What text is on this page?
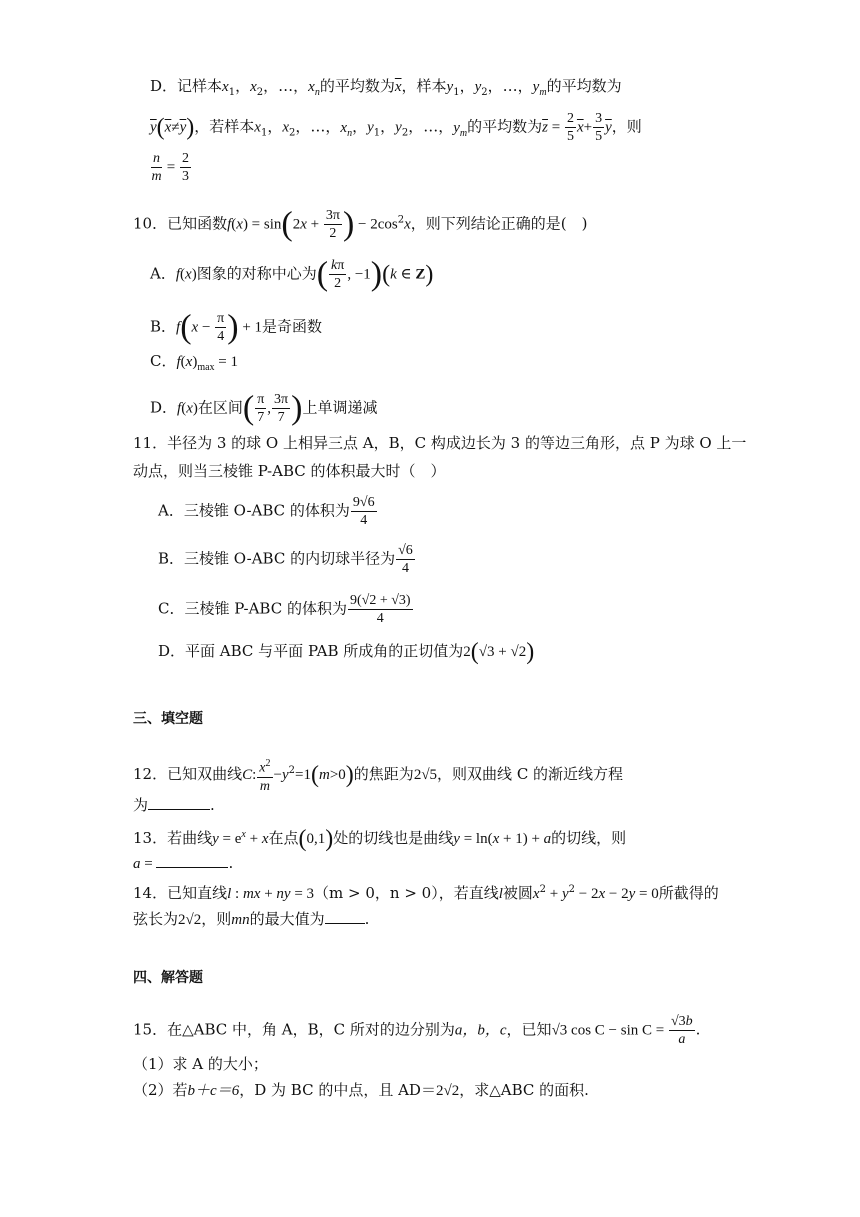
D．记样本$x_1$，$x_2$，…，$x_n$的平均数为$\overline{x}$，样本$y_1$，$y_2$，…，$y_m$的平均数为
$\overline{y}(\overline{x}\ne\overline{y})$，若样本$x_1$，$x_2$，…，$x_n$，$y_1$，$y_2$，…，$y_m$的平均数为$\overline{z} = \frac{2}{5} \overline{x}+ \frac{3}{5} \overline{y}$，则
$\frac{n}{m} = \frac{2}{3}$
10．已知函数$f(x) = \sin(2x + \frac{3\pi}{2}$ ) − $2\cos^2x$，则下列结论正确的是(　)
A．f(x)图象的对称中心为( $\frac{k\pi}{2}$ , −1)(k ∈ Z)
B．$f(x - \frac{\pi}{4}$ ) + 1是奇函数
C．$f(x)_{max} = 1$
D．f(x)在区间( $\frac{\pi}{7}$ , $\frac{3\pi}{7}$ )上单调递减
11．半径为 3 的球 O 上相异三点 A，B，C 构成边长为 3 的等边三角形，点 P 为球 O 上一
动点，则当三棱锥 P-ABC 的体积最大时（　）
A．三棱锥 O-ABC 的体积为 $\frac{9√6}{4}$
B．三棱锥 O-ABC 的内切球半径为 $\frac{√6}{4}$
C．三棱锥 P-ABC 的体积为 $\frac{9(√2 + √3)}{4}$
D．平面 ABC 与平面 PAB 所成角的正切值为2(√3 + √2)
三、填空题
12．已知双曲线C: $\frac{x^2}{m} -y^2=1(m>0)$的焦距为2√5，则双曲线 C 的渐近线方程
为	.
13．若曲线$y = e^x + x$在点(0,1)处的切线也是曲线y = ln(x + 1) + a的切线，则
a =	.
14．已知直线l : mx + ny = 3（m > 0，n > 0），若直线l被圆$x^2 + y^2 - 2x - 2y = 0$所截得的
弦长为2√2，则mn的最大值为	.
四、解答题
15．在△ABC 中，角 A，B，C 所对的边分别为a，b，c，已知√3 $\cos C - \sin C = \frac{√3b}{a}$ .
（1）求 A 的大小；
（2）若b＋c＝6，D 为 BC 的中点，且 AD＝2√2，求△ABC 的面积.
